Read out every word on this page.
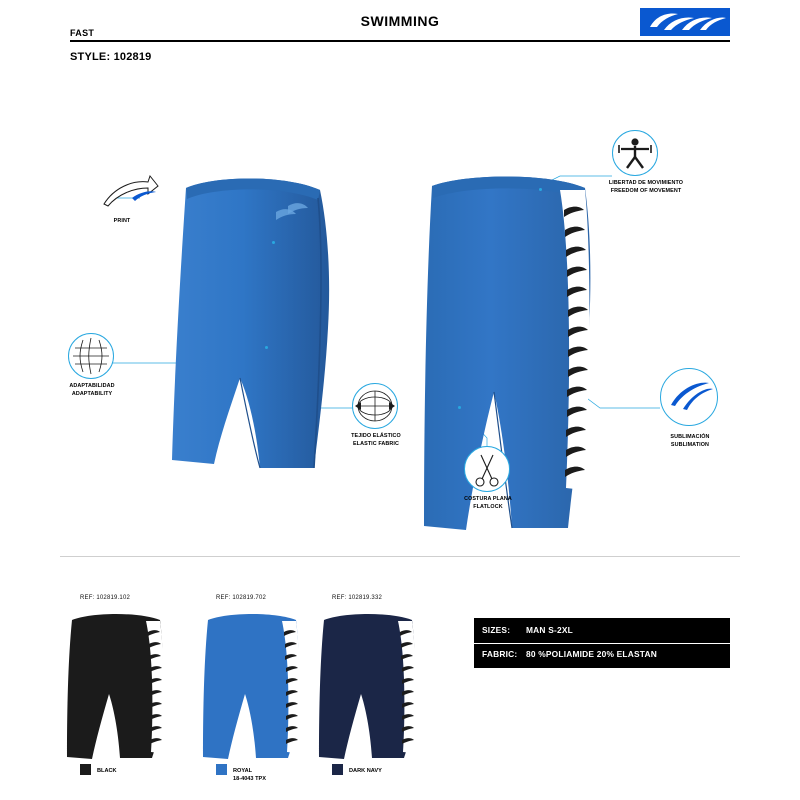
FAST
SWIMMING
STYLE: 102819
PRINT
ADAPTABILIDAD
ADAPTABILITY
TEJIDO ELÁSTICO
ELASTIC FABRIC
COSTURA PLANA
FLATLOCK
LIBERTAD DE MOVIMIENTO
FREEDOM OF MOVEMENT
SUBLIMACIÓN
SUBLIMATION
REF: 102819.102
BLACK
REF: 102819.702
ROYAL
18-4043 TPX
REF: 102819.332
DARK NAVY
SIZES:	MAN S-2XL
FABRIC:	80 %POLIAMIDE 20% ELASTAN
